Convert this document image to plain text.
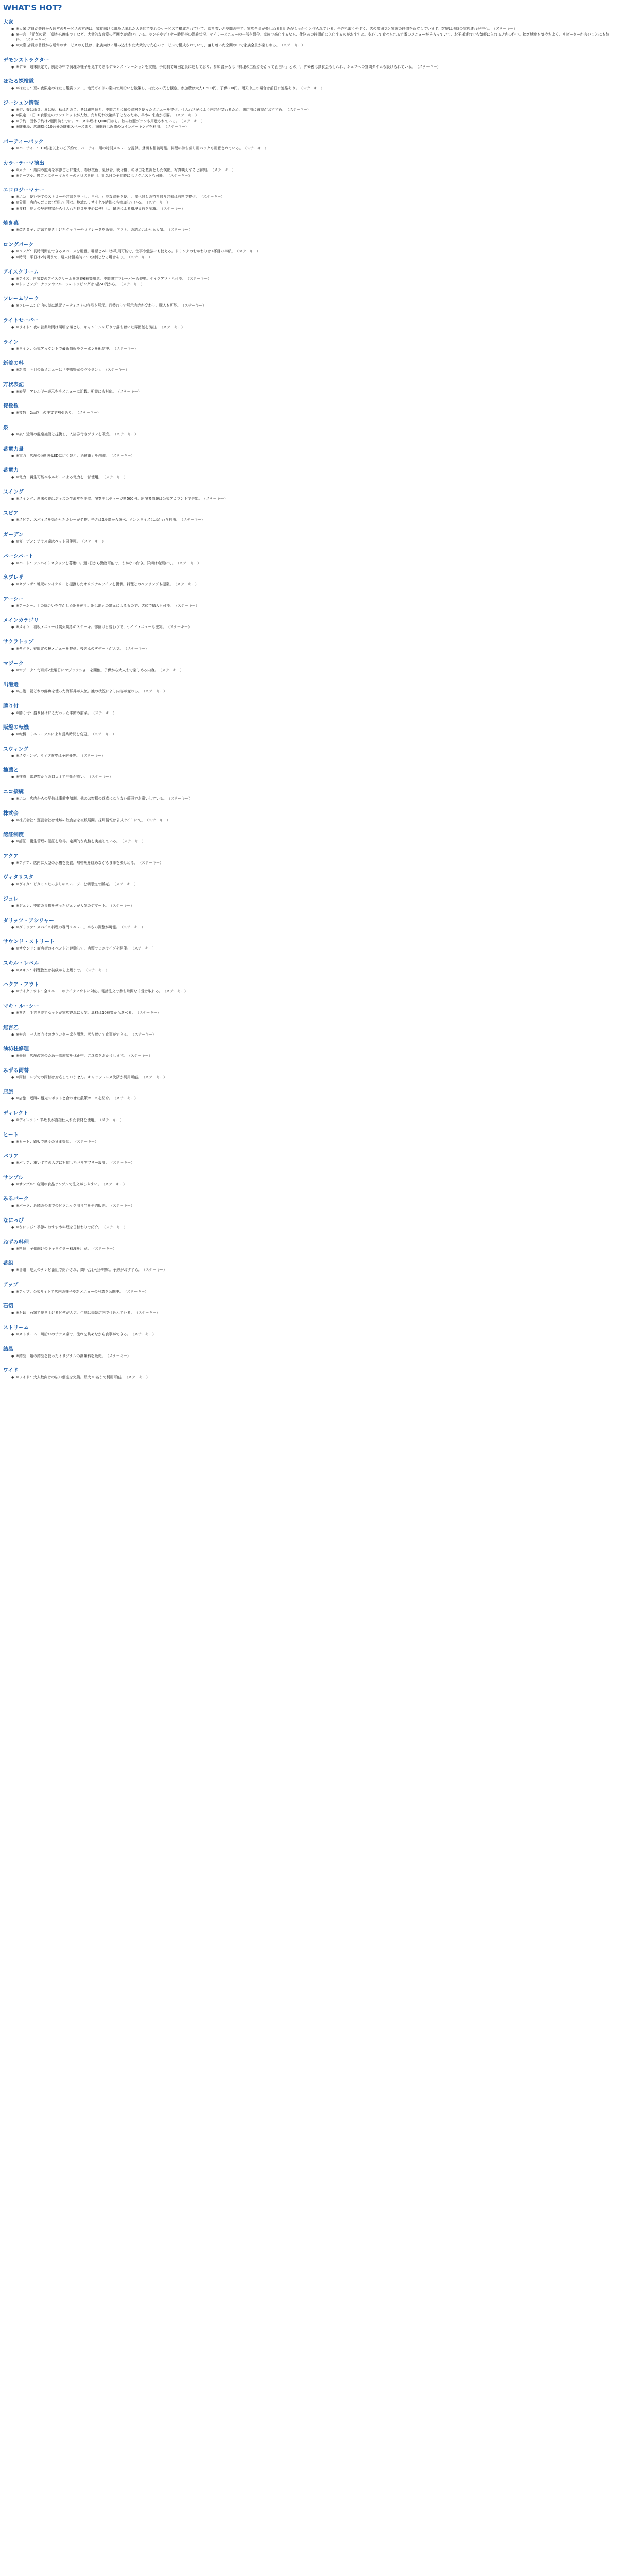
WHAT'S HOT?
大衆
● ※大衆 店員が普段から通常のサービスの方法は、家族向けに組み込まれた大衆的で安心のサービスで構成されていて、落ち着いた空間の中で、家族全員が楽しめる仕組みがしっかりと作られている。予約も取りやすく、店の雰囲気と家族の時間を両立しています。客層は地域の家族連れが中心。 （ステーキー）
● ※一言：「元気の素」「朝から晩まで」など、大衆的な食堂の雰囲気が続いている。ランチやディナー時間帯の混雑状況、デイリーメニューの一部を紹介。家族で来店するなら、仕込みの時間前に入店するのがおすすめ。安心して食べられる定番のメニューがそろっていて、お子様連れでも気軽に入れる店内の作り。接客態度も気持ちよく、リピーターが多いことにも納得。 （ステーキー）
● ※大衆 店員が普段から通常のサービスの方法は、家族向けに組み込まれた大衆的で安心のサービスで構成されていて、落ち着いた空間の中で家族全員が楽しめる。 （ステーキー）
デモンストラクター
● ※デモ：週末限定で、厨房の中で調理の様子を見学できるデモンストレーションを実施。予約制で毎回定員に達しており、参加者からは「料理の工程が分かって面白い」との声。デモ後は試食会も行われ、シェフへの質問タイムも設けられている。 （ステーキー）
ほたる探検隊
● ※ほたる：夏の夜限定のほたる鑑賞ツアー。地元ガイドの案内で川沿いを散策し、ほたるの光を観察。参加費は大人1,500円、子供800円。雨天中止の場合は前日に連絡あり。 （ステーキー）
ジーシュン情報
● ※旬：春は山菜、夏は鮎、秋はきのこ、冬は鍋料理と、季節ごとに旬の食材を使ったメニューを提供。仕入れ状況により内容が変わるため、来店前に確認がおすすめ。 （ステーキー）
● ※限定：1日10食限定のランチセットが人気。売り切れ次第終了となるため、早めの来店が必要。 （ステーキー）
● ※予約：団体予約は2週間前までに。コース料理は3,000円から。飲み放題プランも用意されている。 （ステーキー）
● ※駐車場：店舗横に10台分の駐車スペースあり。満車時は近隣のコインパーキングを利用。 （ステーキー）
パーティーパック
● ※パーティー：10名様以上のご予約で、パーティー用の特別メニューを提供。貸切も相談可能。料理の持ち帰り用パックも用意されている。 （ステーキー）
カラーテーマ演出
● ※カラー：店内の照明を季節ごとに変え、春は桜色、夏は青、秋は橙、冬は白を基調とした演出。写真映えすると評判。 （ステーキー）
● ※テーブル：席ごとにテーマカラーのクロスを使用。記念日の予約時にはリクエストも可能。 （ステーキー）
エコロジーマナー
● ※エコ：使い捨てのストローや容器を廃止し、再利用可能な食器を使用。食べ残しの持ち帰り容器は有料で提供。 （ステーキー）
● ※分別：店内のゴミは分別して回収。地域のリサイクル活動にも参加している。 （ステーキー）
● ※食材：地元の契約農家から仕入れた野菜を中心に使用し、輸送による環境負荷を削減。 （ステーキー）
焼き菓
● ※焼き菓子：店頭で焼き上げたクッキーやマドレーヌを販売。ギフト用の詰め合わせも人気。 （ステーキー）
ロングパーク
● ※ロング：長時間滞在できるスペースを用意。電源とWi-Fiが利用可能で、仕事や勉強にも使える。ドリンクのおかわりは1杯目の半額。 （ステーキー）
● ※時間：平日は2時間まで、週末は混雑時に90分制となる場合あり。 （ステーキー）
アイスクリーム
● ※アイス：自家製のアイスクリームを常時6種類用意。季節限定フレーバーも登場。テイクアウトも可能。 （ステーキー）
● ※トッピング：ナッツやフルーツのトッピングは1品50円から。 （ステーキー）
フレームワーク
● ※フレーム：店内の壁に地元アーティストの作品を展示。月替わりで展示内容が変わり、購入も可能。 （ステーキー）
ライトセーバー
● ※ライト：夜の営業時間は照明を落とし、キャンドルの灯りで落ち着いた雰囲気を演出。 （ステーキー）
ライン
● ※ライン：公式アカウントで最新情報やクーポンを配信中。 （ステーキー）
新着の料
● ※新着：今月の新メニューは「季節野菜のグラタン」。 （ステーキー）
万状表記
● ※表記：アレルギー表示を全メニューに記載。相談にも対応。 （ステーキー）
複数数
● ※複数：2品以上の注文で割引あり。 （ステーキー）
泉
● ※泉：近隣の温泉施設と提携し、入浴券付きプランを販売。 （ステーキー）
番電力量
● ※電力：店舗の照明をLEDに切り替え、消費電力を削減。 （ステーキー）
番電力
● ※電力：再生可能エネルギーによる電力を一部使用。 （ステーキー）
スイング
● ※スイング：週末の夜はジャズの生演奏を開催。演奏中はチャージ料500円。出演者情報は公式アカウントで告知。 （ステーキー）
スピア
● ※スピア：スパイスを効かせたカレーが名物。辛さは5段階から選べ、ナンとライスはおかわり自由。 （ステーキー）
ガーデン
● ※ガーデン：テラス席はペット同伴可。 （ステーキー）
パーシパート
● ※パート：アルバイトスタッフを募集中。週2日から勤務可能で、まかない付き。詳細は店頭にて。 （ステーキー）
ネブレザ
● ※ネブレザ：地元のワイナリーと提携したオリジナルワインを提供。料理とのペアリングも提案。 （ステーキー）
アーシー
● ※アーシー：土の風合いを生かした器を使用。器は地元の窯元によるもので、店頭で購入も可能。 （ステーキー）
メインカテゴリ
● ※メイン：看板メニューは炭火焼きのステーキ。部位は日替わりで、サイドメニューも充実。 （ステーキー）
サクラトップ
● ※サクラ：春限定の桜メニューを提供。桜あんのデザートが人気。 （ステーキー）
マジーク
● ※マジーク：毎月第2土曜日にマジックショーを開催。子供から大人まで楽しめる内容。 （ステーキー）
出港選
● ※出港：朝どれの鮮魚を使った海鮮丼が人気。漁の状況により内容が変わる。 （ステーキー）
勝り付
● ※勝り付：盛り付けにこだわった季節の前菜。 （ステーキー）
販燈の転機
● ※転機：リニューアルにより営業時間を変更。 （ステーキー）
スウィング
● ※スウィング：ライブ演奏は予約優先。 （ステーキー）
推薦と
● ※推薦：常連客からの口コミで評価が高い。 （ステーキー）
ニコ接続
● ※ニコ：店内からの配信は事前申請制。他のお客様の迷惑にならない範囲でお願いしている。 （ステーキー）
株式会
● ※株式会社：運営会社は地域の飲食店を複数展開。採用情報は公式サイトにて。 （ステーキー）
認証制度
● ※認証：衛生管理の認証を取得。定期的な点検を実施している。 （ステーキー）
アクア
● ※アクア：店内に大型の水槽を設置。熱帯魚を眺めながら食事を楽しめる。 （ステーキー）
ヴィタリスタ
● ※ヴィタ：ビタミンたっぷりのスムージーを朝限定で販売。 （ステーキー）
ジュレ
● ※ジュレ：季節の果物を使ったジュレが人気のデザート。 （ステーキー）
ダリッツ・アシリャー
● ※ダリッツ：スパイス料理の専門メニュー。辛さの調整が可能。 （ステーキー）
サウンド・ストリート
● ※サウンド：商店街のイベントと連動して、店頭でミニライブを開催。 （ステーキー）
スキル・レベル
● ※スキル：料理教室は初級から上級まで。 （ステーキー）
ハクア・アウト
● ※テイクアウト：全メニューのテイクアウトに対応。電話注文で待ち時間なく受け取れる。 （ステーキー）
マキ・ルーシー
● ※巻き：手巻き寿司セットが家族連れに人気。具材は10種類から選べる。 （ステーキー）
無言乙
● ※無言：一人客向けのカウンター席を用意。落ち着いて食事ができる。 （ステーキー）
油坊柱修理
● ※修理：店舗改装のため一部座席を休止中。ご迷惑をおかけします。 （ステーキー）
みずる両替
● ※両替：レジでの両替は対応していません。キャッシュレス決済が利用可能。 （ステーキー）
店旅
● ※店旅：近隣の観光スポットと合わせた散策コースを紹介。 （ステーキー）
ディレクト
● ※ディレクト：料理長が直接仕入れた食材を使用。 （ステーキー）
ヒート
● ※ヒート：鉄板で熱々のまま提供。 （ステーキー）
バリア
● ※バリア：車いすでの入店に対応したバリアフリー設計。 （ステーキー）
サンプル
● ※サンプル：店頭の食品サンプルで注文がしやすい。 （ステーキー）
みるパーク
● ※パーク：近隣の公園でのピクニック用弁当を予約販売。 （ステーキー）
なにっぴ
● ※なにっぴ：季節のおすすめ料理を日替わりで紹介。 （ステーキー）
ねずみ料理
● ※料理：子供向けのキャラクター料理を用意。 （ステーキー）
番組
● ※番組：地元のテレビ番組で紹介され、問い合わせが増加。予約がおすすめ。 （ステーキー）
アップ
● ※アップ：公式サイトで店内の様子や新メニューの写真を公開中。 （ステーキー）
石切
● ※石切：石窯で焼き上げるピザが人気。生地は毎朝店内で仕込んでいる。 （ステーキー）
ストリーム
● ※ストリーム：川沿いのテラス席で、流れを眺めながら食事ができる。 （ステーキー）
結晶
● ※結晶：塩の結晶を使ったオリジナルの調味料を販売。 （ステーキー）
ワイド
● ※ワイド：大人数向けの広い個室を完備。最大30名まで利用可能。 （ステーキー）
